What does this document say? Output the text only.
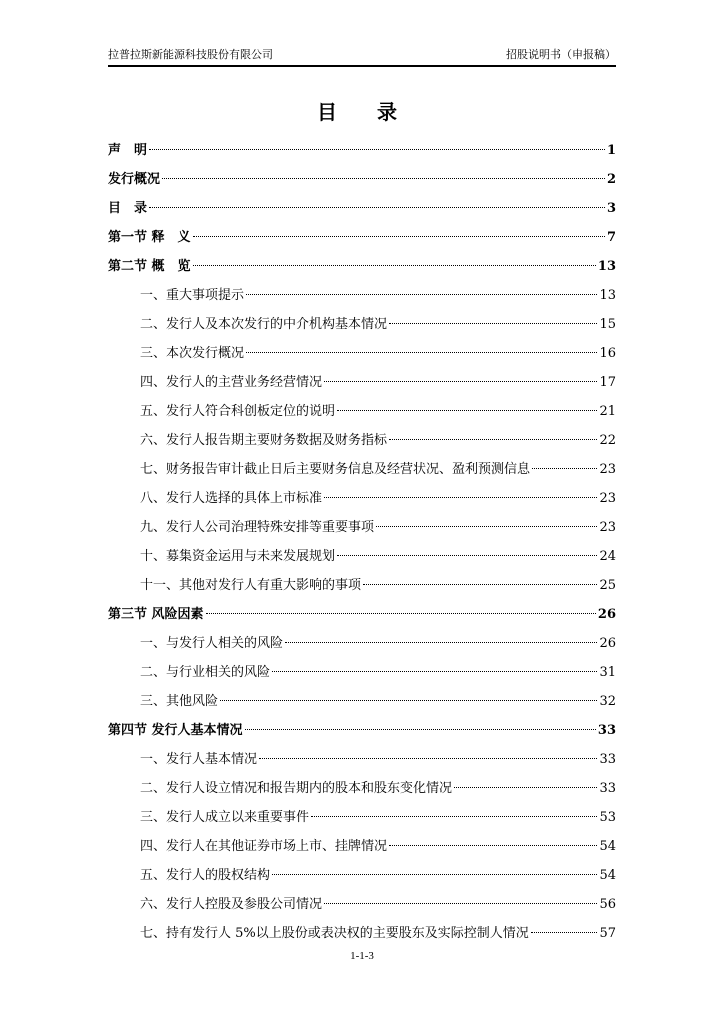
拉普拉斯新能源科技股份有限公司	招股说明书（申报稿）
目　录
声　明	1
发行概况	2
目　录	3
第一节 释　义	7
第二节 概　览	13
一、重大事项提示	13
二、发行人及本次发行的中介机构基本情况	15
三、本次发行概况	16
四、发行人的主营业务经营情况	17
五、发行人符合科创板定位的说明	21
六、发行人报告期主要财务数据及财务指标	22
七、财务报告审计截止日后主要财务信息及经营状况、盈利预测信息	23
八、发行人选择的具体上市标准	23
九、发行人公司治理特殊安排等重要事项	23
十、募集资金运用与未来发展规划	24
十一、其他对发行人有重大影响的事项	25
第三节 风险因素	26
一、与发行人相关的风险	26
二、与行业相关的风险	31
三、其他风险	32
第四节 发行人基本情况	33
一、发行人基本情况	33
二、发行人设立情况和报告期内的股本和股东变化情况	33
三、发行人成立以来重要事件	53
四、发行人在其他证券市场上市、挂牌情况	54
五、发行人的股权结构	54
六、发行人控股及参股公司情况	56
七、持有发行人 5%以上股份或表决权的主要股东及实际控制人情况	57
1-1-3
